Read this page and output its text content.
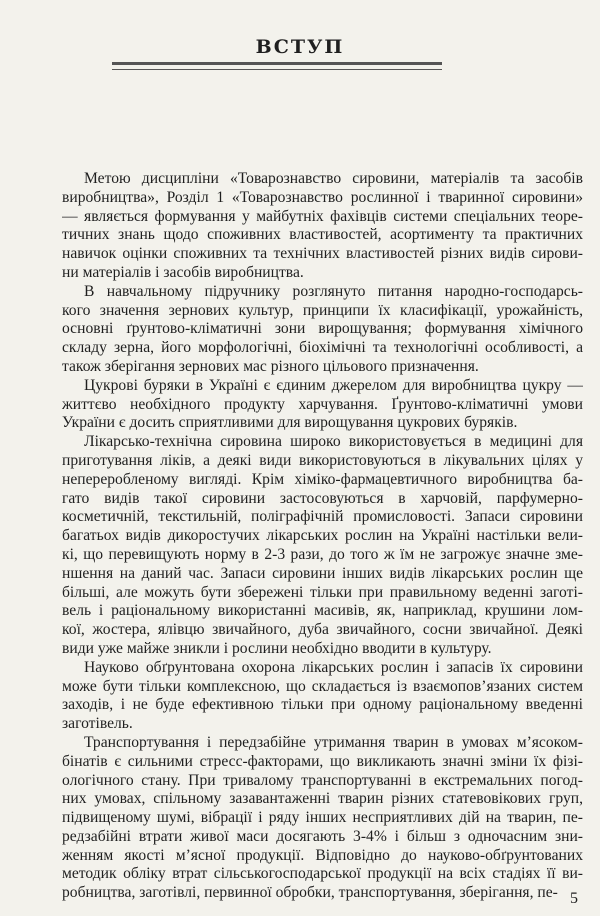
ВСТУП
Метою дисципліни «Товарознавство сировини, матеріалів та засобів
виробництва», Розділ 1 «Товарознавство рослинної і тваринної сировини»
— являється формування у майбутніх фахівців системи спеціальних теоре-
тичних знань щодо споживних властивостей, асортименту та практичних
навичок оцінки споживних та технічних властивостей різних видів сирови-
ни матеріалів і засобів виробництва.
В навчальному підручнику розглянуто питання народно-господарсь-
кого значення зернових культур, принципи їх класифікації, урожайність,
основні ґрунтово-кліматичні зони вирощування; формування хімічного
складу зерна, його морфологічні, біохімічні та технологічні особливості, а
також зберігання зернових мас різного цільового призначення.
Цукрові буряки в Україні є єдиним джерелом для виробництва цукру —
життєво необхідного продукту харчування. Ґрунтово-кліматичні умови
України є досить сприятливими для вирощування цукрових буряків.
Лікарсько-технічна сировина широко використовується в медицині для
приготування ліків, а деякі види використовуються в лікувальних цілях у
непереробленому вигляді. Крім хіміко-фармацевтичного виробництва ба-
гато видів такої сировини застосовуються в харчовій, парфумерно-
косметичній, текстильній, поліграфічній промисловості. Запаси сировини
багатьох видів дикоростучих лікарських рослин на Україні настільки вели-
кі, що перевищують норму в 2-3 рази, до того ж їм не загрожує значне зме-
ншення на даний час. Запаси сировини інших видів лікарських рослин ще
більші, але можуть бути збережені тільки при правильному веденні заготі-
вель і раціональному використанні масивів, як, наприклад, крушини лом-
кої, жостера, ялівцю звичайного, дуба звичайного, сосни звичайної. Деякі
види уже майже зникли і рослини необхідно вводити в культуру.
Науково обґрунтована охорона лікарських рослин і запасів їх сировини
може бути тільки комплексною, що складається із взаємопов’язаних систем
заходів, і не буде ефективною тільки при одному раціональному введенні
заготівель.
Транспортування і передзабійне утримання тварин в умовах м’ясоком-
бінатів є сильними стресс-факторами, що викликають значні зміни їх фізі-
ологічного стану. При тривалому транспортуванні в екстремальних погод-
них умовах, спільному зазавантаженні тварин різних статевовікових груп,
підвищеному шумі, вібрації і ряду інших несприятливих дій на тварин, пе-
редзабійні втрати живої маси досягають 3-4% і більш з одночасним зни-
женням якості м’ясної продукції. Відповідно до науково-обґрунтованих
методик обліку втрат сільськогосподарської продукції на всіх стадіях її ви-
робництва, заготівлі, первинної обробки, транспортування, зберігання, пе- 5
